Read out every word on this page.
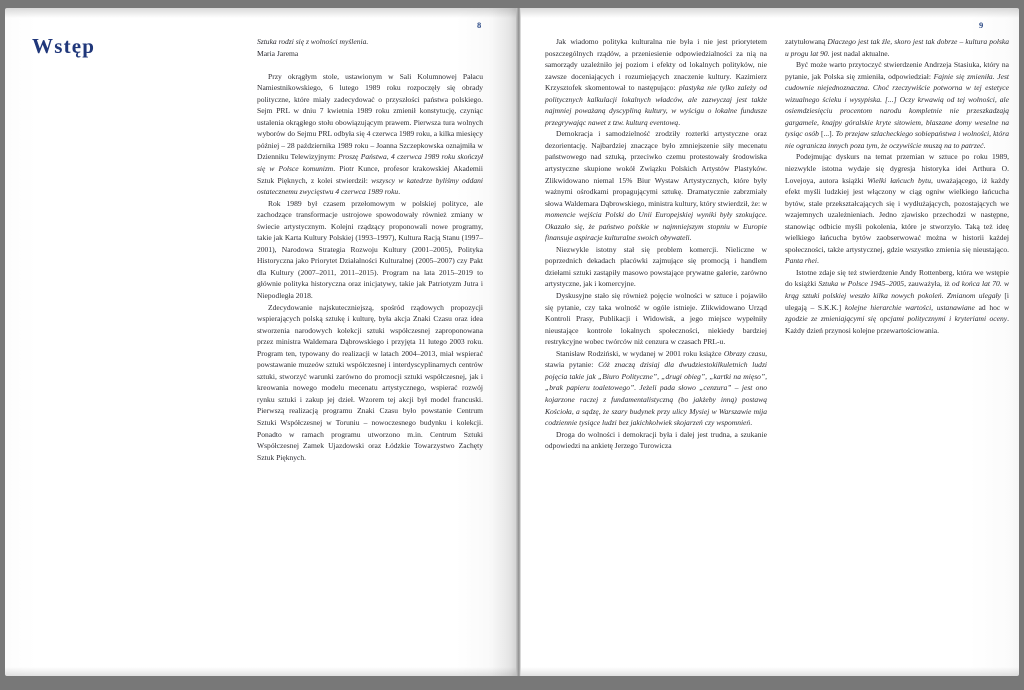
8	9
Wstęp	Sztuka rodzi się z wolności myślenia.

Maria Jarema

Przy okrągłym stole, ustawionym w Sali Kolumnowej Pałacu Namiestnikowskiego, 6 lutego 1989 roku rozpoczęły się obrady polityczne, które miały zadecydować o przyszłości państwa polskiego. Sejm PRL w dniu 7 kwietnia 1989 roku zmienił konstytucję, czyniąc ustalenia okrągłego stołu obowiązującym prawem. Pierwsza tura wolnych wyborów do Sejmu PRL odbyła się 4 czerwca 1989 roku, a kilka miesięcy później – 28 października 1989 roku – Joanna Szczepkowska oznajmiła w Dzienniku Telewizyjnym: Proszę Państwa, 4 czerwca 1989 roku skończył się w Polsce komunizm. Piotr Kunce, profesor krakowskiej Akademii Sztuk Pięknych, z kolei stwierdził: wszyscy w katedrze byliśmy oddani ostatecznemu zwycięstwu 4 czerwca 1989 roku.

Rok 1989 był czasem przełomowym w polskiej polityce, ale zachodzące transformacje ustrojowe spowodowały również zmiany w świecie artystycznym. Kolejni rządzący proponowali nowe programy, takie jak Karta Kultury Polskiej (1993–1997), Kultura Racją Stanu (1997–2001), Narodowa Strategia Rozwoju Kultury (2001–2005), Polityka Historyczna jako Priorytet Działalności Kulturalnej (2005–2007) czy Pakt dla Kultury (2007–2011, 2011–2015). Program na lata 2015–2019 to głównie polityka historyczna oraz inicjatywy, takie jak Patriotyzm Jutra i Niepodległa 2018.

Zdecydowanie najskuteczniejszą, spośród rządowych propozycji wspierających polską sztukę i kulturę, była akcja Znaki Czasu oraz idea stworzenia narodowych kolekcji sztuki współczesnej zaproponowana przez ministra Waldemara Dąbrowskiego i przyjęta 11 lutego 2003 roku. Program ten, typowany do realizacji w latach 2004–2013, miał wspierać powstawanie muzeów sztuki współczesnej i interdyscyplinarnych centrów sztuki, stworzyć warunki zarówno do promocji sztuki współczesnej, jak i kreowania nowego modelu mecenatu artystycznego, wspierać rozwój rynku sztuki i zakup jej dzieł. Wzorem tej akcji był model francuski. Pierwszą realizacją programu Znaki Czasu było powstanie Centrum Sztuki Współczesnej w Toruniu – nowoczesnego budynku i kolekcji. Ponadto w ramach programu utworzono m.in. Centrum Sztuki Współczesnej Zamek Ujazdowski oraz Łódzkie Towarzystwo Zachęty Sztuk Pięknych.

Jak wiadomo polityka kulturalna nie była i nie jest priorytetem poszczególnych rządów, a przeniesienie odpowiedzialności za nią na samorządy uzależniło jej poziom i efekty od lokalnych polityków, nie zawsze doceniających i rozumiejących znaczenie kultury. Kazimierz Krzysztofek skomentował to następująco: plastyka nie tylko zależy od politycznych kalkulacji lokalnych władców, ale zazwyczaj jest także najmniej poważaną dyscypliną kultury, w wyścigu o lokalne fundusze przegrywając nawet z tzw. kulturą eventową.

Demokracja i samodzielność zrodziły rozterki artystyczne oraz dezorientację. Najbardziej znaczące było zmniejszenie siły mecenatu państwowego nad sztuką, przeciwko czemu protestowały środowiska artystyczne skupione wokół Związku Polskich Artystów Plastyków. Zlikwidowano niemal 15% Biur Wystaw Artystycznych, które były ważnymi ośrodkami propagującymi sztukę. Dramatycznie zabrzmiały słowa Waldemara Dąbrowskiego, ministra kultury, który stwierdził, że: w momencie wejścia Polski do Unii Europejskiej wyniki były szokujące. Okazało się, że państwo polskie w najmniejszym stopniu w Europie finansuje aspiracje kulturalne swoich obywateli.

Niezwykle istotny stał się problem komercji. Nieliczne w poprzednich dekadach placówki zajmujące się promocją i handlem dziełami sztuki zastąpiły masowo powstające prywatne galerie, zarówno artystyczne, jak i komercyjne.

Dyskusyjne stało się również pojęcie wolności w sztuce i pojawiło się pytanie, czy taka wolność w ogóle istnieje. Zlikwidowano Urząd Kontroli Prasy, Publikacji i Widowisk, a jego miejsce wypełniły nieustające kontrole lokalnych społeczności, niekiedy bardziej restrykcyjne wobec twórców niż cenzura w czasach PRL-u.

Stanisław Rodziński, w wydanej w 2001 roku książce Obrazy czasu, stawia pytanie: Cóż znaczą dzisiaj dla dwudziestokilkuletnich ludzi pojęcia takie jak „Biuro Polityczne”, „drugi obieg”, „kartki na mięso”, „brak papieru toaletowego”. Jeżeli pada słowo „cenzura” – jest ono kojarzone raczej z fundamentalistyczną (bo jakżeby inną) postawą Kościoła, a sądzę, że szary budynek przy ulicy Mysiej w Warszawie mija codziennie tysiące ludzi bez jakichkolwiek skojarzeń czy wspomnień.

Droga do wolności i demokracji była i dalej jest trudna, a szukanie odpowiedzi na ankietę Jerzego Turowicza

zatytułowaną Dlaczego jest tak źle, skoro jest tak dobrze – kultura polska u progu lat 90. jest nadal aktualne.

Być może warto przytoczyć stwierdzenie Andrzeja Stasiuka, który na pytanie, jak Polska się zmieniła, odpowiedział: Fajnie się zmieniła. Jest cudownie niejednoznaczna. Choć rzeczywiście potworna w tej estetyce wizualnego ścieku i wysypiska. [...] Oczy krwawią od tej wolności, ale osiemdziesięciu procentom narodu kompletnie nie przeszkadzają gargamele, knajpy góralskie kryte sitowiem, blaszane domy weselne na tysiąc osób [...]. To przejaw szlacheckiego sobiepaństwa i wolności, która nie ogranicza innych poza tym, że oczywiście muszą na to patrzeć.

Podejmując dyskurs na temat przemian w sztuce po roku 1989, niezwykle istotna wydaje się dygresja historyka idei Arthura O. Lovejoya, autora książki Wielki łańcuch bytu, uważającego, iż każdy efekt myśli ludzkiej jest włączony w ciąg ogniw wielkiego łańcucha bytów, stale przekształcających się i wydłużających, pozostających we wzajemnych uzależnieniach. Jedno zjawisko przechodzi w następne, stanowiąc odbicie myśli pokolenia, które je stworzyło. Taką też ideę wielkiego łańcucha bytów zaobserwować można w historii każdej społeczności, także artystycznej, gdzie wszystko zmienia się nieustająco. Panta rhei.

Istotne zdaje się też stwierdzenie Andy Rottenberg, która we wstępie do książki Sztuka w Polsce 1945–2005, zauważyła, iż od końca lat 70. w krąg sztuki polskiej weszło kilka nowych pokoleń. Zmianom ulegały [i ulegają – S.K.K.] kolejne hierarchie wartości, ustanawiane ad hoc w zgodzie ze zmieniającymi się opcjami politycznymi i kryteriami oceny. Każdy dzień przynosi kolejne przewartościowania.
